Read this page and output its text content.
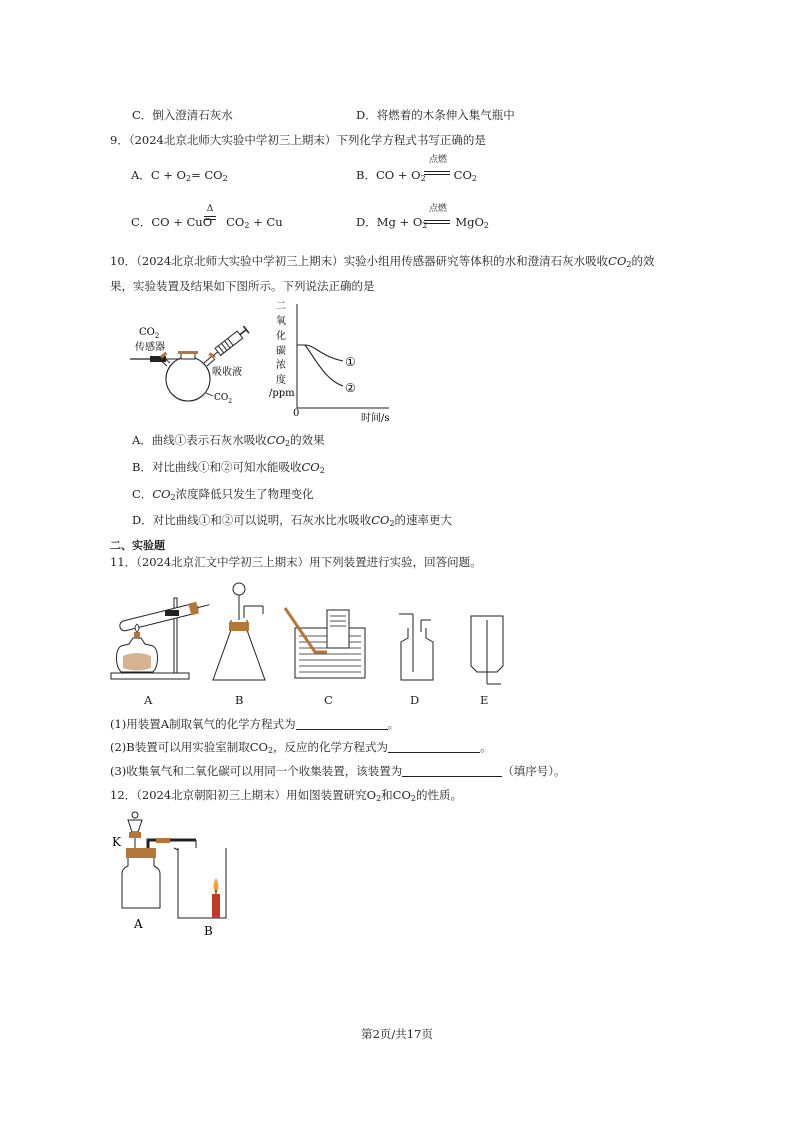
C．倒入澄清石灰水	D．将燃着的木条伸入集气瓶中
9．（2024北京北师大实验中学初三上期末）下列化学方程式书写正确的是
A．$C + O_2= CO_2$	B．CO + $O_2$ $CO_2$
点燃
C．CO + CuO $CO_2 + Cu$
Δ
D．$Mg + O_2$ MgO$_2$
点燃
10．（2024北京北师大实验中学初三上期末）实验小组用传感器研究等体积的水和澄清石灰水吸收$CO_2$的效
果，实验装置及结果如下图所示。下列说法正确的是
$CO_2$
传感器
吸收液
$CO_2$
二
氧
化
碳
浓
度
/ppm
0	时间/s
①
②
A．曲线①表示石灰水吸收$CO_2$的效果
B．对比曲线①和②可知水能吸收$CO_2$
C．$CO_2$浓度降低只发生了物理变化
D．对比曲线①和②可以说明，石灰水比水吸收$CO_2$的速率更大
二、实验题
11．（2024北京汇文中学初三上期末）用下列装置进行实验，回答问题。
A	B	C	D	E
(1)用装置A制取氧气的化学方程式为	。
(2)B装置可以用实验室制取$CO_2$，反应的化学方程式为	。
(3)收集氧气和二氧化碳可以用同一个收集装置，该装置为	（填序号）。
12．（2024北京朝阳初三上期末）用如图装置研究$O_2$和$CO_2$的性质。
K
A	B
第2页/共17页
